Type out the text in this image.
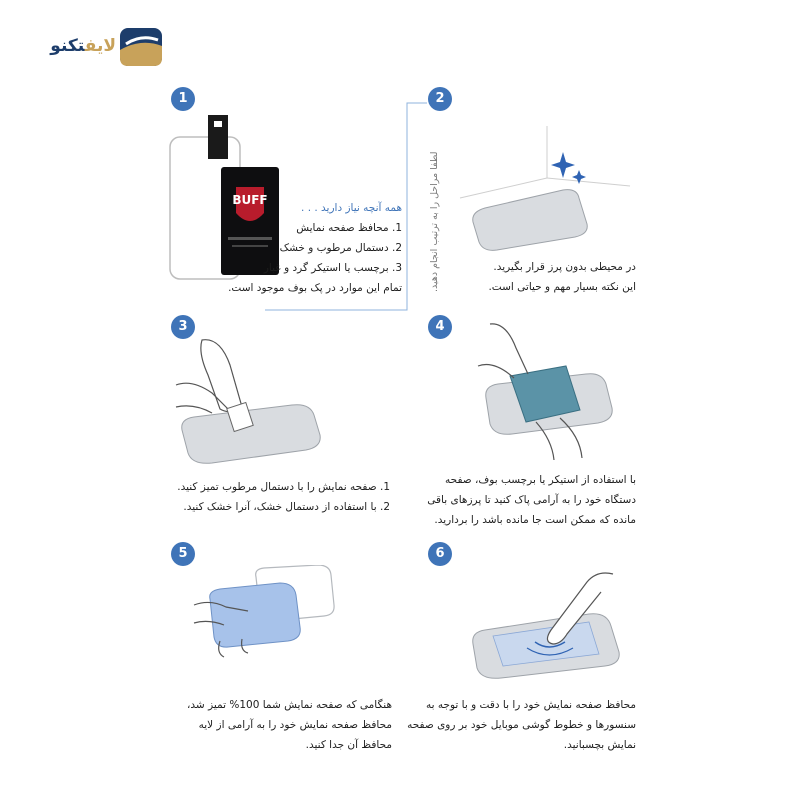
لایفتکنو
1	2
3	4
5	6
BUFF
همه آنچه نیاز دارید . . .
1. محافظ صفحه نمایش
2. دستمال مرطوب و خشک
3. برچسب یا استیکر گرد و غبار
تمام این موارد در پک بوف موجود است.	لطفا مراحل را به ترتیب انجام دهید.	در محیطی بدون پرز قرار بگیرید.
این نکته بسیار مهم و حیاتی است.
1. صفحه نمایش را با دستمال مرطوب تمیز کنید.
2. با استفاده از دستمال خشک، آنرا خشک کنید.
با استفاده از استیکر یا برچسب بوف، صفحه
دستگاه خود را به آرامی پاک کنید تا پرزهای باقی
مانده که ممکن است جا مانده باشد را بردارید.
هنگامی که صفحه نمایش شما 100% تمیز شد،
محافظ صفحه نمایش خود را به آرامی از لایه
محافظ آن جدا کنید.
محافظ صفحه نمایش خود را با دقت و با توجه به
سنسورها و خطوط گوشی موبایل خود بر روی صفحه
نمایش بچسبانید.
